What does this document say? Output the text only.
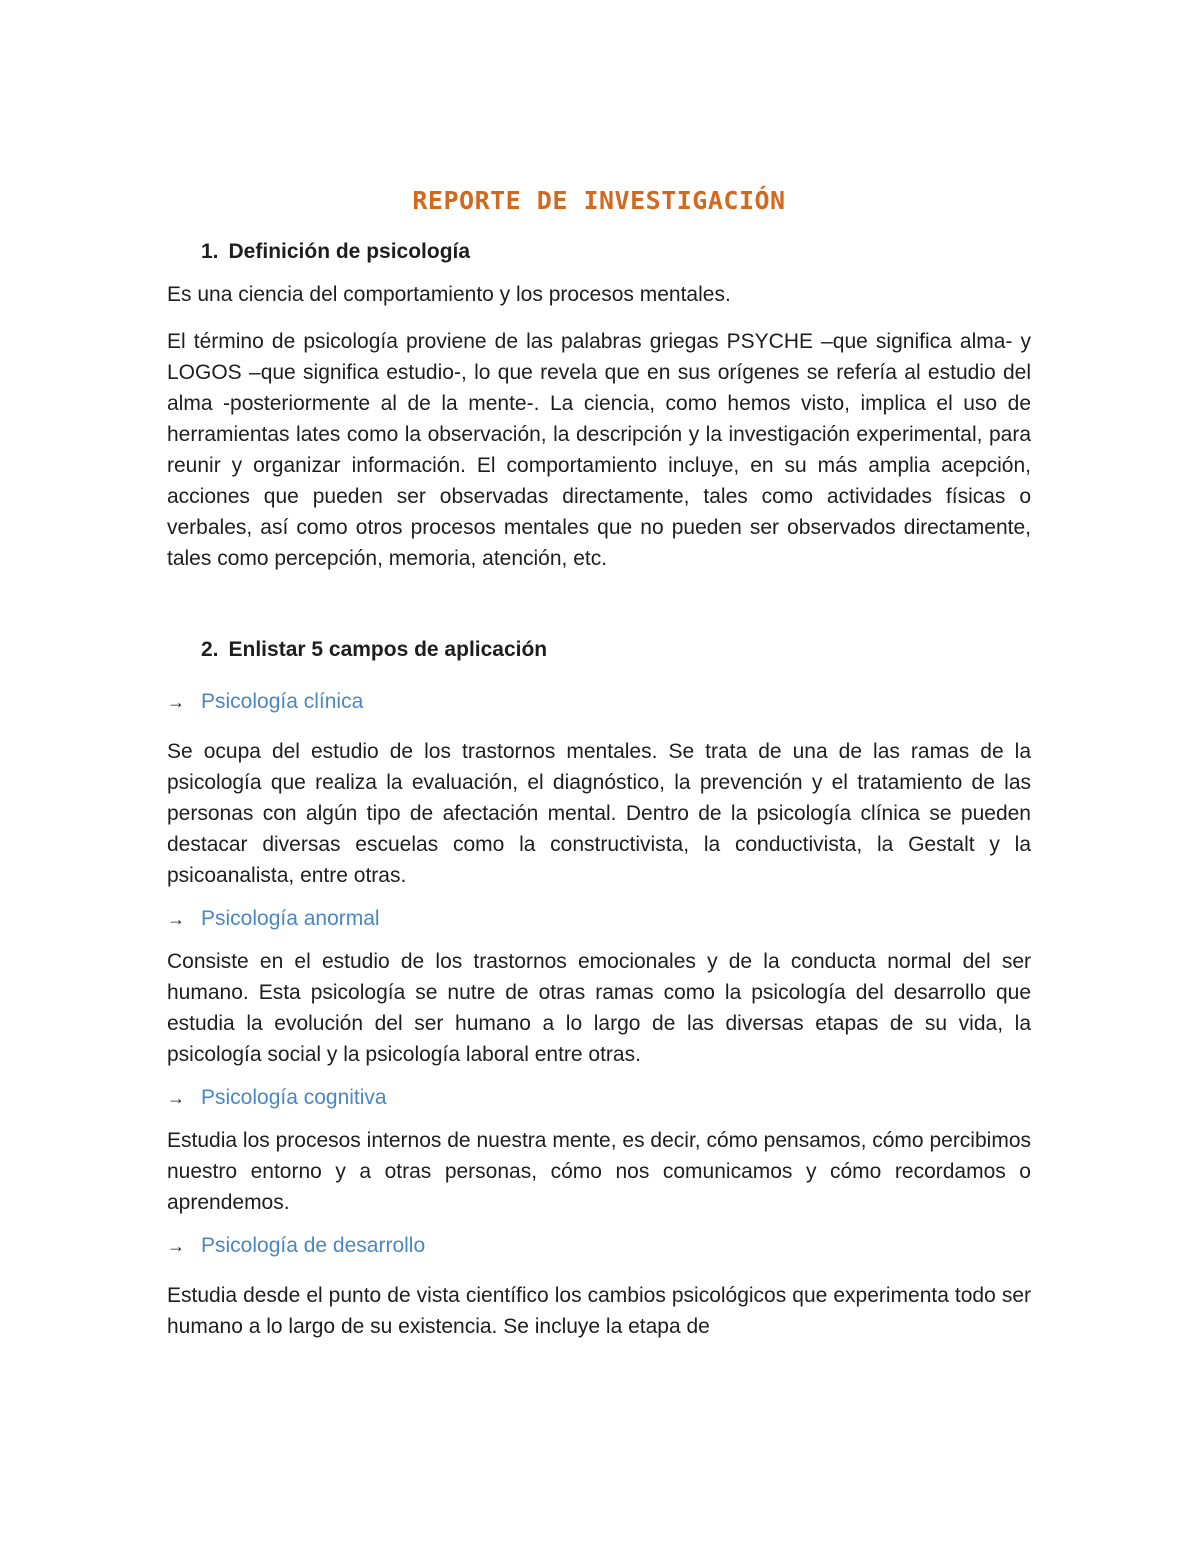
REPORTE DE INVESTIGACIÓN
1. Definición de psicología

Es una ciencia del comportamiento y los procesos mentales.

El término de psicología proviene de las palabras griegas PSYCHE –que significa alma- y LOGOS –que significa estudio-, lo que revela que en sus orígenes se refería al estudio del alma -posteriormente al de la mente-. La ciencia, como hemos visto, implica el uso de herramientas lates como la observación, la descripción y la investigación experimental, para reunir y organizar información. El comportamiento incluye, en su más amplia acepción, acciones que pueden ser observadas directamente, tales como actividades físicas o verbales, así como otros procesos mentales que no pueden ser observados directamente, tales como percepción, memoria, atención, etc.

2. Enlistar 5 campos de aplicación
→ Psicología clínica

Se ocupa del estudio de los trastornos mentales. Se trata de una de las ramas de la psicología que realiza la evaluación, el diagnóstico, la prevención y el tratamiento de las personas con algún tipo de afectación mental. Dentro de la psicología clínica se pueden destacar diversas escuelas como la constructivista, la conductivista, la Gestalt y la psicoanalista, entre otras.

→ Psicología anormal

Consiste en el estudio de los trastornos emocionales y de la conducta normal del ser humano. Esta psicología se nutre de otras ramas como la psicología del desarrollo que estudia la evolución del ser humano a lo largo de las diversas etapas de su vida, la psicología social y la psicología laboral entre otras.

→ Psicología cognitiva

Estudia los procesos internos de nuestra mente, es decir, cómo pensamos, cómo percibimos nuestro entorno y a otras personas, cómo nos comunicamos y cómo recordamos o aprendemos.

→ Psicología de desarrollo

Estudia desde el punto de vista científico los cambios psicológicos que experimenta todo ser humano a lo largo de su existencia. Se incluye la etapa de
